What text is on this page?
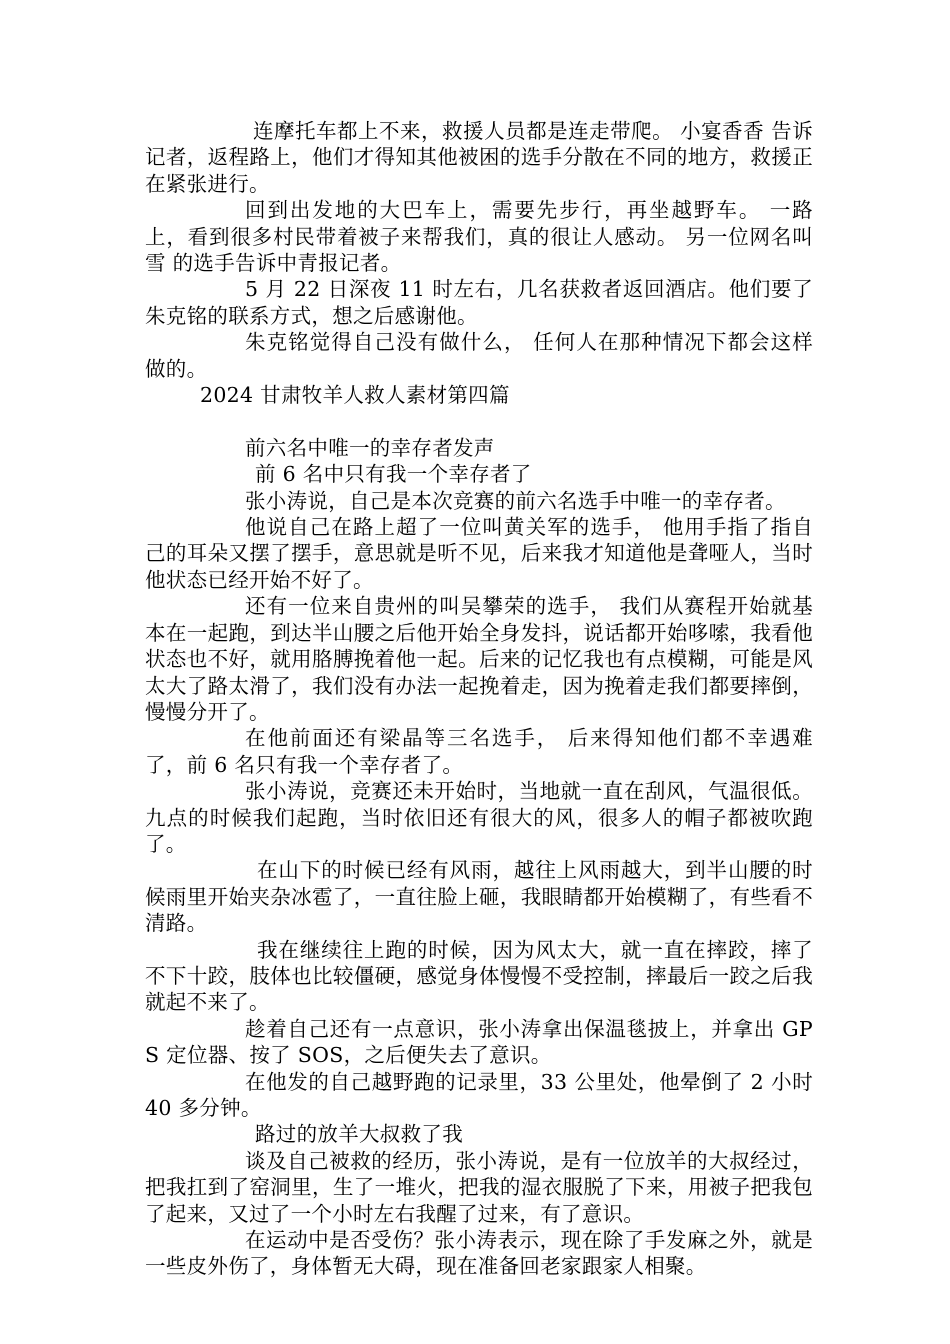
连摩托车都上不来，救援人员都是连走带爬。 小宴香香 告诉记者，返程路上，他们才得知其他被困的选手分散在不同的地方，救援正在紧张进行。

回到出发地的大巴车上，需要先步行，再坐越野车。 一路上，看到很多村民带着被子来帮我们，真的很让人感动。 另一位网名叫 雪 的选手告诉中青报记者。

5 月 22 日深夜 11 时左右，几名获救者返回酒店。他们要了朱克铭的联系方式，想之后感谢他。

朱克铭觉得自己没有做什么， 任何人在那种情况下都会这样做的。

2024 甘肃牧羊人救人素材第四篇

前六名中唯一的幸存者发声

前 6 名中只有我一个幸存者了

张小涛说，自己是本次竞赛的前六名选手中唯一的幸存者。

他说自己在路上超了一位叫黄关军的选手， 他用手指了指自己的耳朵又摆了摆手，意思就是听不见，后来我才知道他是聋哑人，当时他状态已经开始不好了。

还有一位来自贵州的叫吴攀荣的选手， 我们从赛程开始就基本在一起跑，到达半山腰之后他开始全身发抖，说话都开始哆嗦，我看他状态也不好，就用胳膊挽着他一起。后来的记忆我也有点模糊，可能是风太大了路太滑了，我们没有办法一起挽着走，因为挽着走我们都要摔倒，慢慢分开了。

在他前面还有梁晶等三名选手， 后来得知他们都不幸遇难了，前 6 名只有我一个幸存者了。

张小涛说，竞赛还未开始时，当地就一直在刮风，气温很低。 九点的时候我们起跑，当时依旧还有很大的风，很多人的帽子都被吹跑了。

在山下的时候已经有风雨，越往上风雨越大，到半山腰的时候雨里开始夹杂冰雹了，一直往脸上砸，我眼睛都开始模糊了，有些看不清路。

我在继续往上跑的时候，因为风太大，就一直在摔跤，摔了不下十跤，肢体也比较僵硬，感觉身体慢慢不受控制，摔最后一跤之后我就起不来了。

趁着自己还有一点意识，张小涛拿出保温毯披上，并拿出 GPS 定位器、按了 SOS，之后便失去了意识。

在他发的自己越野跑的记录里，33 公里处，他晕倒了 2 小时 40 多分钟。

路过的放羊大叔救了我

谈及自己被救的经历，张小涛说，是有一位放羊的大叔经过， 把我扛到了窑洞里，生了一堆火，把我的湿衣服脱了下来，用被子把我包了起来，又过了一个小时左右我醒了过来，有了意识。

在运动中是否受伤？张小涛表示，现在除了手发麻之外，就是一些皮外伤了，身体暂无大碍，现在准备回老家跟家人相聚。
